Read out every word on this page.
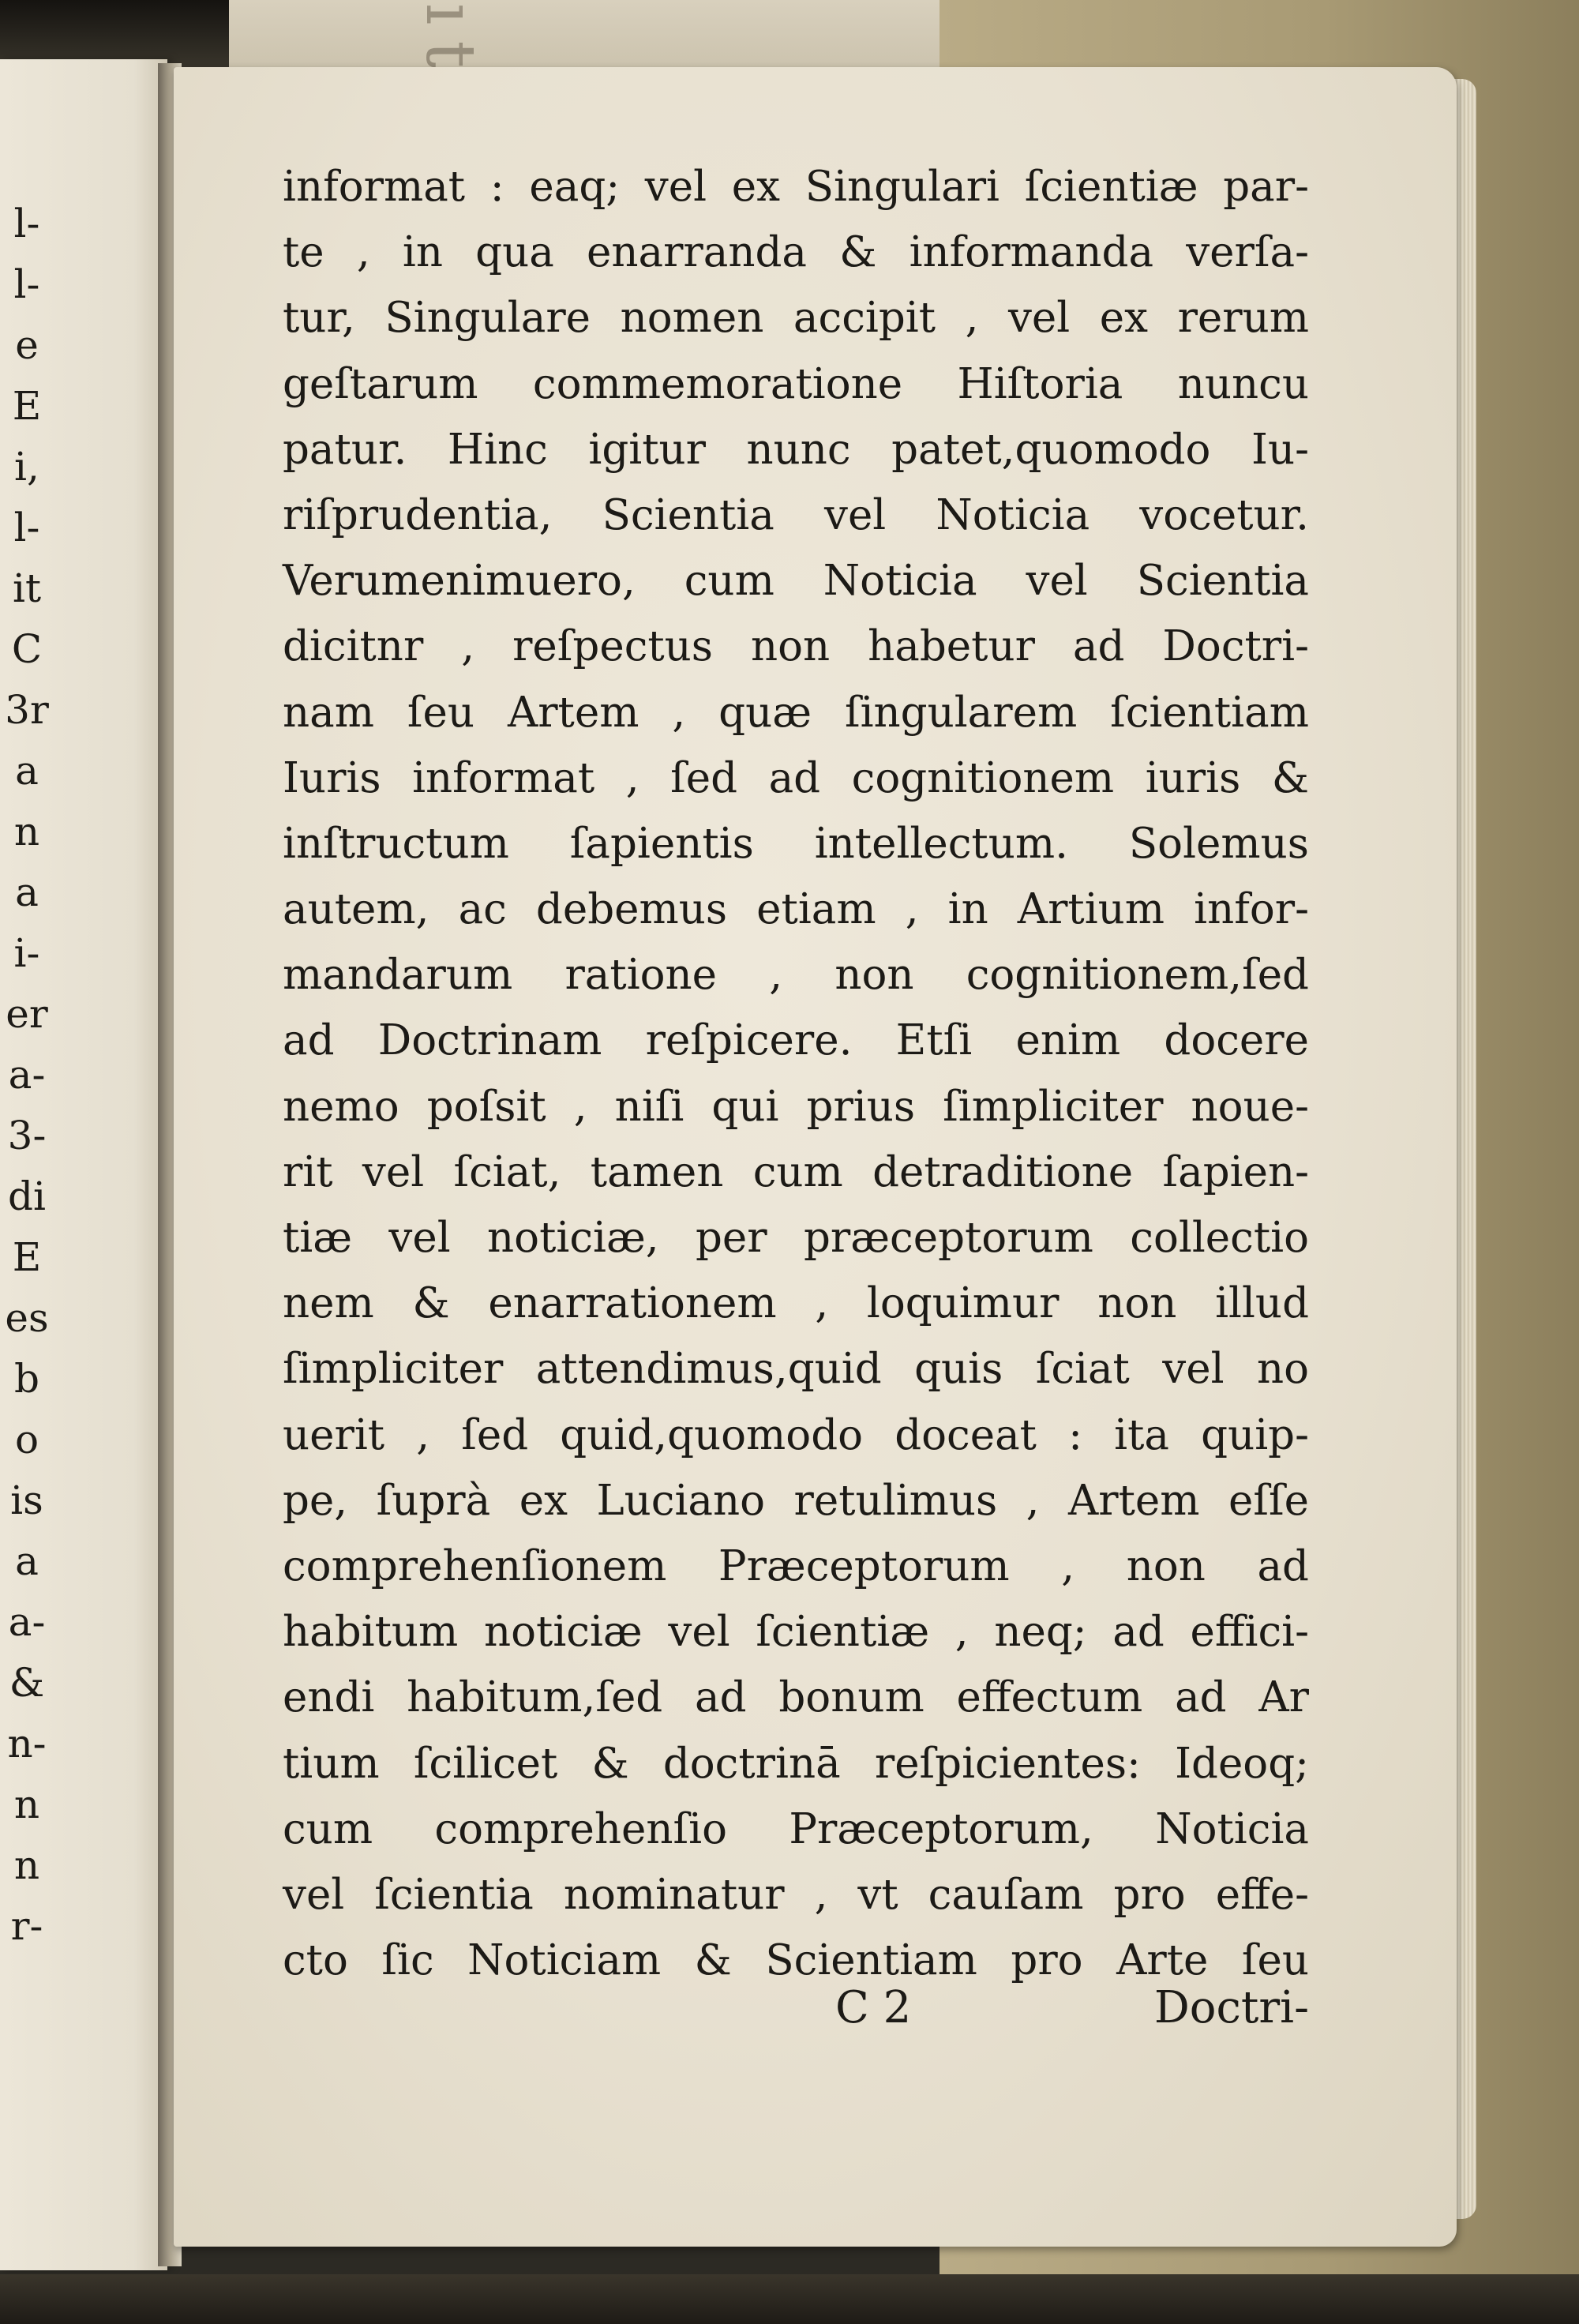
l-
l-
e
E
i,
l-
it
C
3r
a
n
a
i-
er
a-
3-
di
E
es
b
o
is
a
a-
&
n-
n
n
r-
informat : eaq; vel ex Singulari ſcientiæ par-
te , in qua enarranda & informanda verſa-
tur, Singulare nomen accipit , vel ex rerum
geſtarum commemoratione Hiſtoria nuncu
patur. Hinc igitur nunc patet,quomodo Iu-
riſprudentia, Scientia vel Noticia vocetur.
Verumenimuero, cum Noticia vel Scientia
dicitnr , reſpectus non habetur ad Doctri-
nam ſeu Artem , quæ ſingularem ſcientiam
Iuris informat , ſed ad cognitionem iuris &
inſtructum ſapientis intellectum. Solemus
autem, ac debemus etiam , in Artium infor-
mandarum ratione , non cognitionem,ſed
ad Doctrinam reſpicere. Etſi enim docere
nemo poſsit , niſi qui prius ſimpliciter noue-
rit vel ſciat, tamen cum detraditione ſapien-
tiæ vel noticiæ, per præceptorum collectio
nem & enarrationem , loquimur non illud
ſimpliciter attendimus,quid quis ſciat vel no
uerit , ſed quid,quomodo doceat : ita quip-
pe, ſuprà ex Luciano retulimus , Artem eſſe
comprehenſionem Præceptorum , non ad
habitum noticiæ vel ſcientiæ , neq; ad effici-
endi habitum,ſed ad bonum effectum ad Ar
tium ſcilicet & doctrinā reſpicientes: Ideoq;
cum comprehenſio Præceptorum, Noticia
vel ſcientia nominatur , vt cauſam pro effe-
cto ſic Noticiam & Scientiam pro Arte ſeu
C 2	Doctri-
